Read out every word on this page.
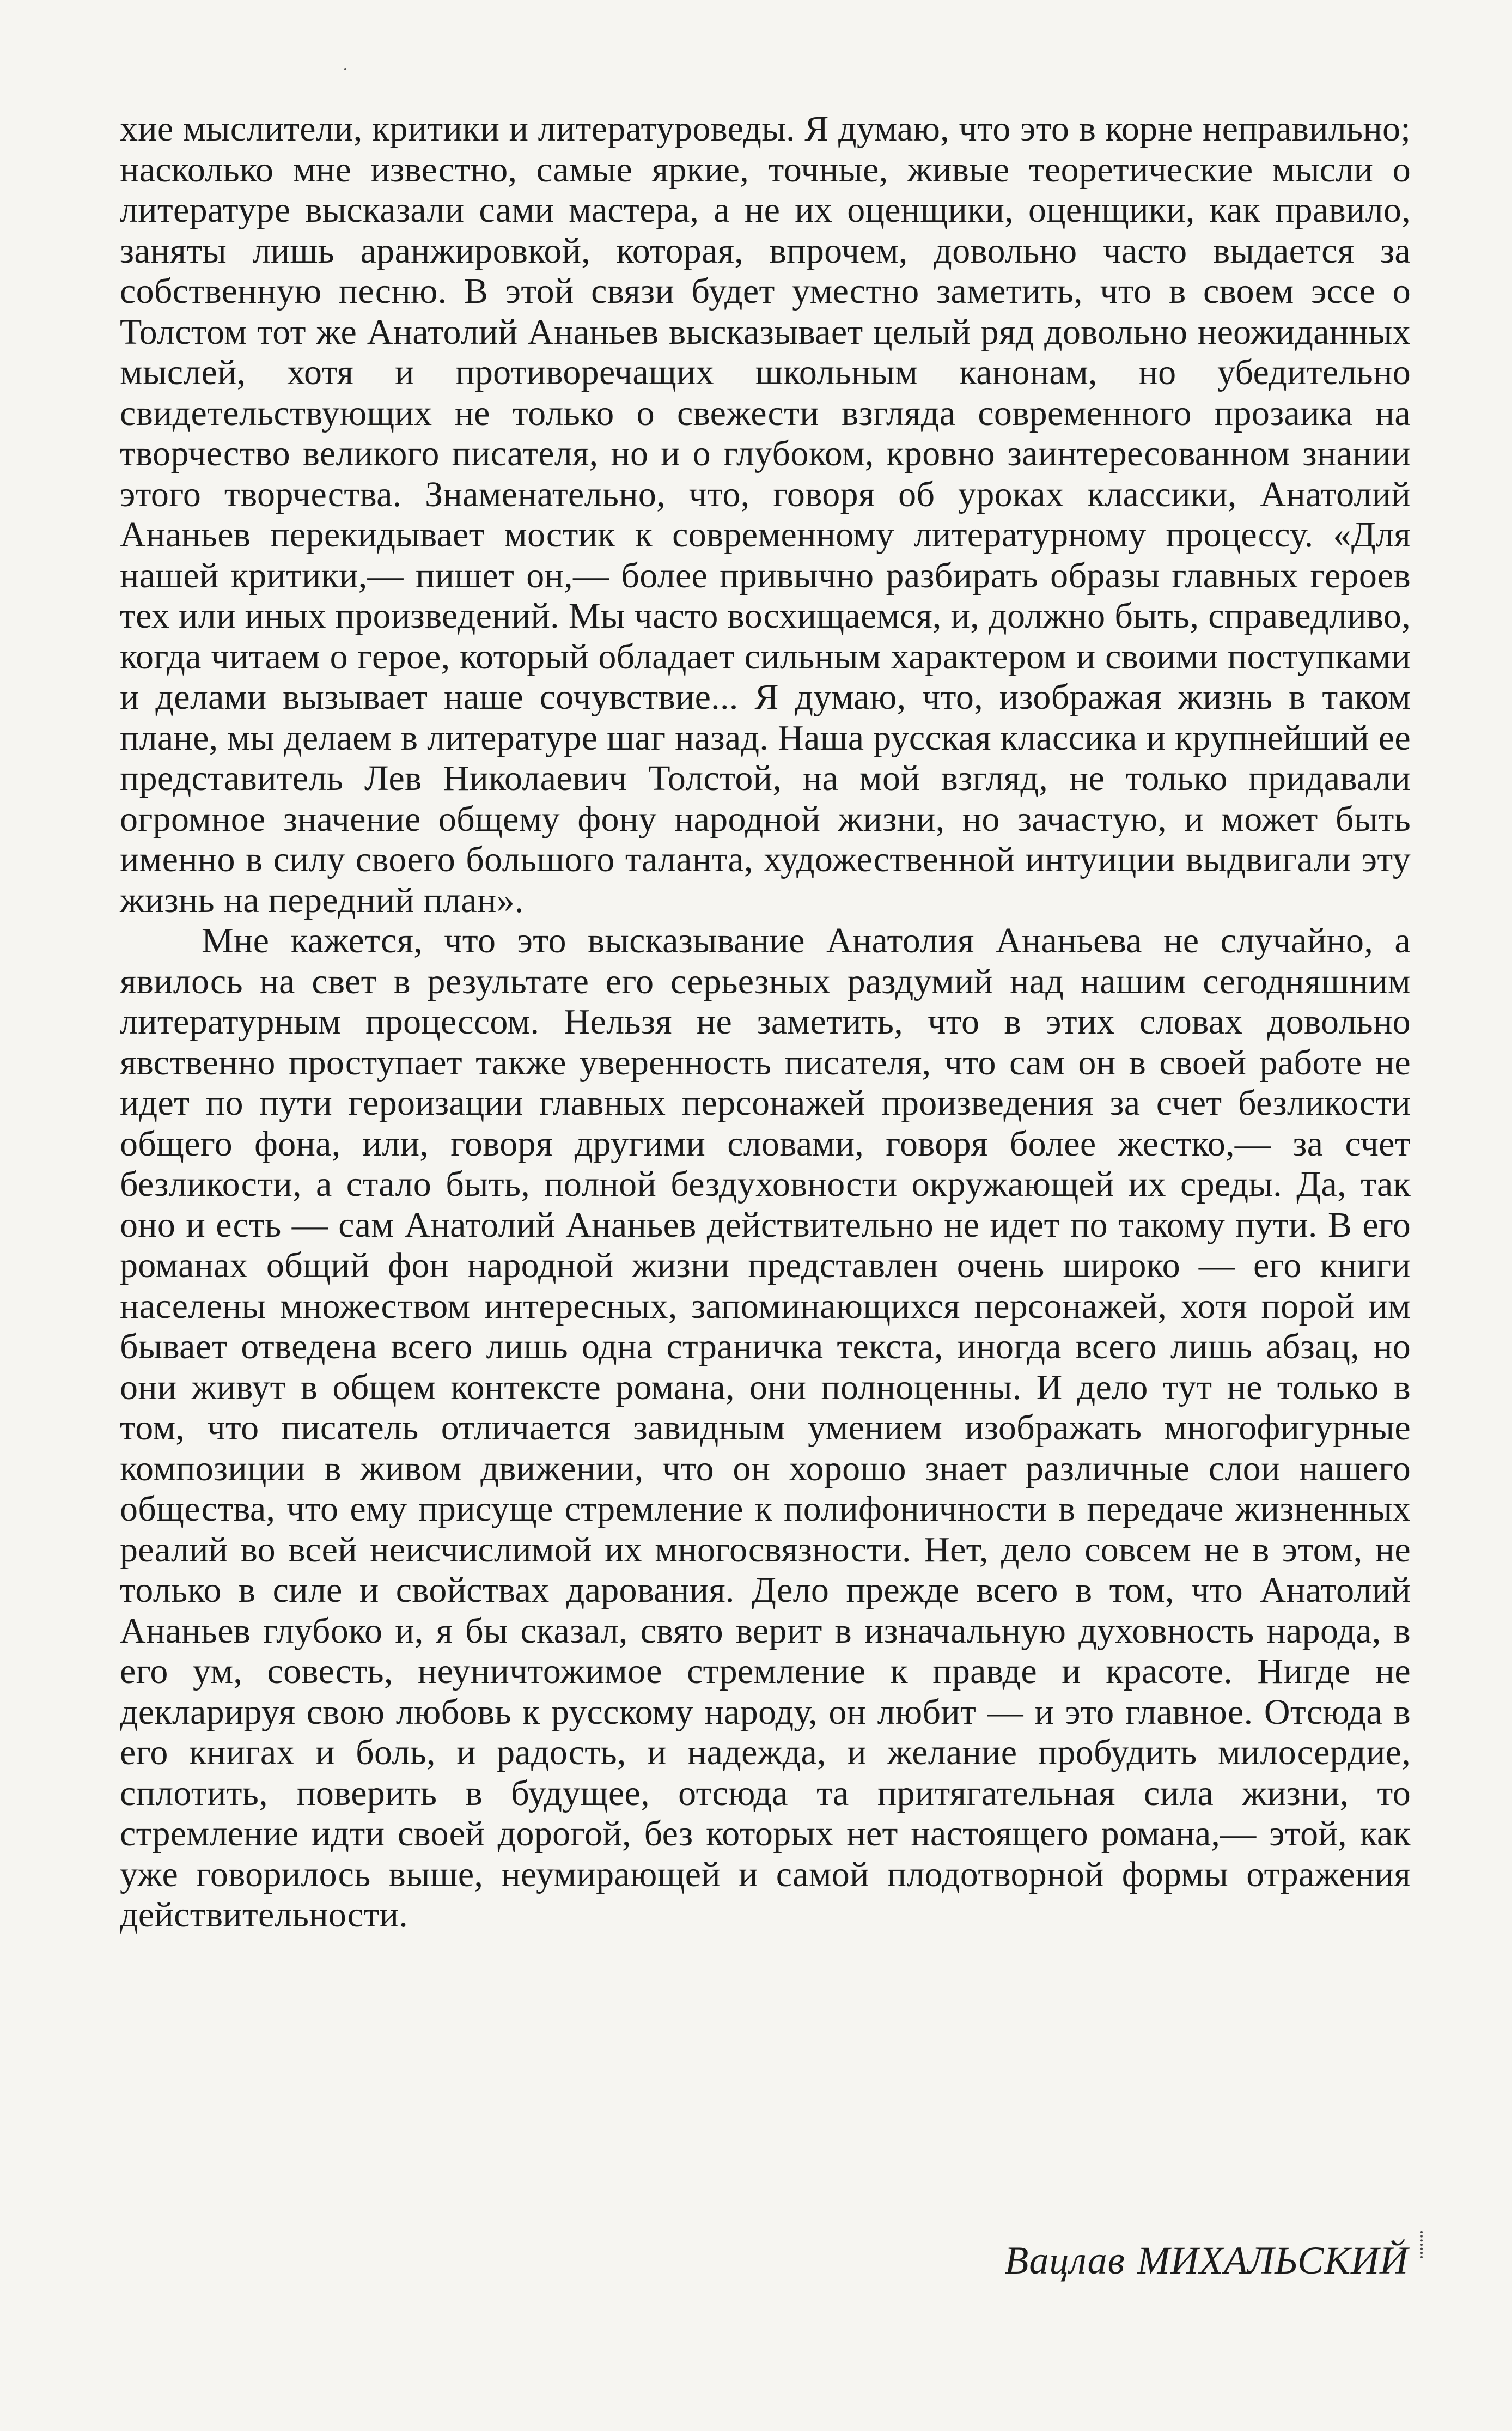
хие мыслители, критики и литературоведы. Я думаю, что это в корне неправильно; насколько мне известно, самые яркие, точные, живые теоретические мысли о литературе высказали сами мастера, а не их оценщики, оценщики, как правило, заняты лишь аранжировкой, которая, впрочем, довольно часто выдается за собственную песню. В этой связи будет уместно заметить, что в своем эссе о Толстом тот же Анатолий Ананьев высказывает целый ряд довольно неожиданных мыслей, хотя и противоречащих школьным канонам, но убедительно свидетельствующих не только о свежести взгляда современного прозаика на творчество великого писателя, но и о глубоком, кровно заинтересованном знании этого творчества. Знаменательно, что, говоря об уроках классики, Анатолий Ананьев перекидывает мостик к современному литературному процессу. «Для нашей критики,— пишет он,— более привычно разбирать образы главных героев тех или иных произведений. Мы часто восхищаемся, и, должно быть, справедливо, когда читаем о герое, который обладает сильным характером и своими поступками и делами вызывает наше сочувствие... Я думаю, что, изображая жизнь в таком плане, мы делаем в литературе шаг назад. Наша русская классика и крупнейший ее представитель Лев Николаевич Толстой, на мой взгляд, не только придавали огромное значение общему фону народной жизни, но зачастую, и может быть именно в силу своего большого таланта, художественной интуиции выдвигали эту жизнь на передний план».

Мне кажется, что это высказывание Анатолия Ананьева не случайно, а явилось на свет в результате его серьезных раздумий над нашим сегодняшним литературным процессом. Нельзя не заметить, что в этих словах довольно явственно проступает также уверенность писателя, что сам он в своей работе не идет по пути героизации главных персонажей произведения за счет безликости общего фона, или, говоря другими словами, говоря более жестко,— за счет безликости, а стало быть, полной бездуховности окружающей их среды. Да, так оно и есть — сам Анатолий Ананьев действительно не идет по такому пути. В его романах общий фон народной жизни представлен очень широко — его книги населены множеством интересных, запоминающихся персонажей, хотя порой им бывает отведена всего лишь одна страничка текста, иногда всего лишь абзац, но они живут в общем контексте романа, они полноценны. И дело тут не только в том, что писатель отличается завидным умением изображать многофигурные композиции в живом движении, что он хорошо знает различные слои нашего общества, что ему присуще стремление к полифоничности в передаче жизненных реалий во всей неисчислимой их многосвязности. Нет, дело совсем не в этом, не только в силе и свойствах дарования. Дело прежде всего в том, что Анатолий Ананьев глубоко и, я бы сказал, свято верит в изначальную духовность народа, в его ум, совесть, неуничтожимое стремление к правде и красоте. Нигде не декларируя свою любовь к русскому народу, он любит — и это главное. Отсюда в его книгах и боль, и радость, и надежда, и желание пробудить милосердие, сплотить, поверить в будущее, отсюда та притягательная сила жизни, то стремление идти своей дорогой, без которых нет настоящего романа,— этой, как уже говорилось выше, неумирающей и самой плодотворной формы отражения действительности.

Вацлав МИХАЛЬСКИЙ
